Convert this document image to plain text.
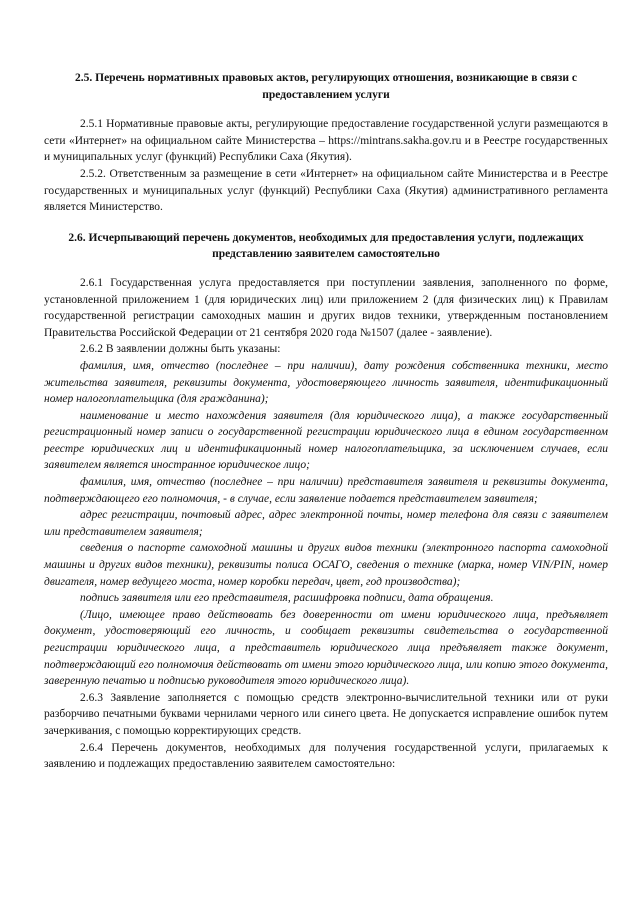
2.5. Перечень нормативных правовых актов, регулирующих отношения, возникающие в связи с предоставлением услуги

2.5.1 Нормативные правовые акты, регулирующие предоставление государственной услуги размещаются в сети «Интернет» на официальном сайте Министерства – https://mintrans.sakha.gov.ru и в Реестре государственных и муниципальных услуг (функций) Республики Саха (Якутия).

2.5.2. Ответственным за размещение в сети «Интернет» на официальном сайте Министерства и в Реестре государственных и муниципальных услуг (функций) Республики Саха (Якутия) административного регламента является Министерство.

2.6. Исчерпывающий перечень документов, необходимых для предоставления услуги, подлежащих представлению заявителем самостоятельно

2.6.1 Государственная услуга предоставляется при поступлении заявления, заполненного по форме, установленной приложением 1 (для юридических лиц) или приложением 2 (для физических лиц) к Правилам государственной регистрации самоходных машин и других видов техники, утвержденным постановлением Правительства Российской Федерации от 21 сентября 2020 года №1507 (далее - заявление).

2.6.2 В заявлении должны быть указаны:

фамилия, имя, отчество (последнее – при наличии), дату рождения собственника техники, место жительства заявителя, реквизиты документа, удостоверяющего личность заявителя, идентификационный номер налогоплательщика (для гражданина);

наименование и место нахождения заявителя (для юридического лица), а также государственный регистрационный номер записи о государственной регистрации юридического лица в едином государственном реестре юридических лиц и идентификационный номер налогоплательщика, за исключением случаев, если заявителем является иностранное юридическое лицо;

фамилия, имя, отчество (последнее – при наличии) представителя заявителя и реквизиты документа, подтверждающего его полномочия, - в случае, если заявление подается представителем заявителя;

адрес регистрации, почтовый адрес, адрес электронной почты, номер телефона для связи с заявителем или представителем заявителя;

сведения о паспорте самоходной машины и других видов техники (электронного паспорта самоходной машины и других видов техники), реквизиты полиса ОСАГО, сведения о технике (марка, номер VIN/PIN, номер двигателя, номер ведущего моста, номер коробки передач, цвет, год производства);

подпись заявителя или его представителя, расшифровка подписи, дата обращения.

(Лицо, имеющее право действовать без доверенности от имени юридического лица, предъявляет документ, удостоверяющий его личность, и сообщает реквизиты свидетельства о государственной регистрации юридического лица, а представитель юридического лица предъявляет также документ, подтверждающий его полномочия действовать от имени этого юридического лица, или копию этого документа, заверенную печатью и подписью руководителя этого юридического лица).

2.6.3 Заявление заполняется с помощью средств электронно-вычислительной техники или от руки разборчиво печатными буквами чернилами черного или синего цвета. Не допускается исправление ошибок путем зачеркивания, с помощью корректирующих средств.

2.6.4 Перечень документов, необходимых для получения государственной услуги, прилагаемых к заявлению и подлежащих предоставлению заявителем самостоятельно:
